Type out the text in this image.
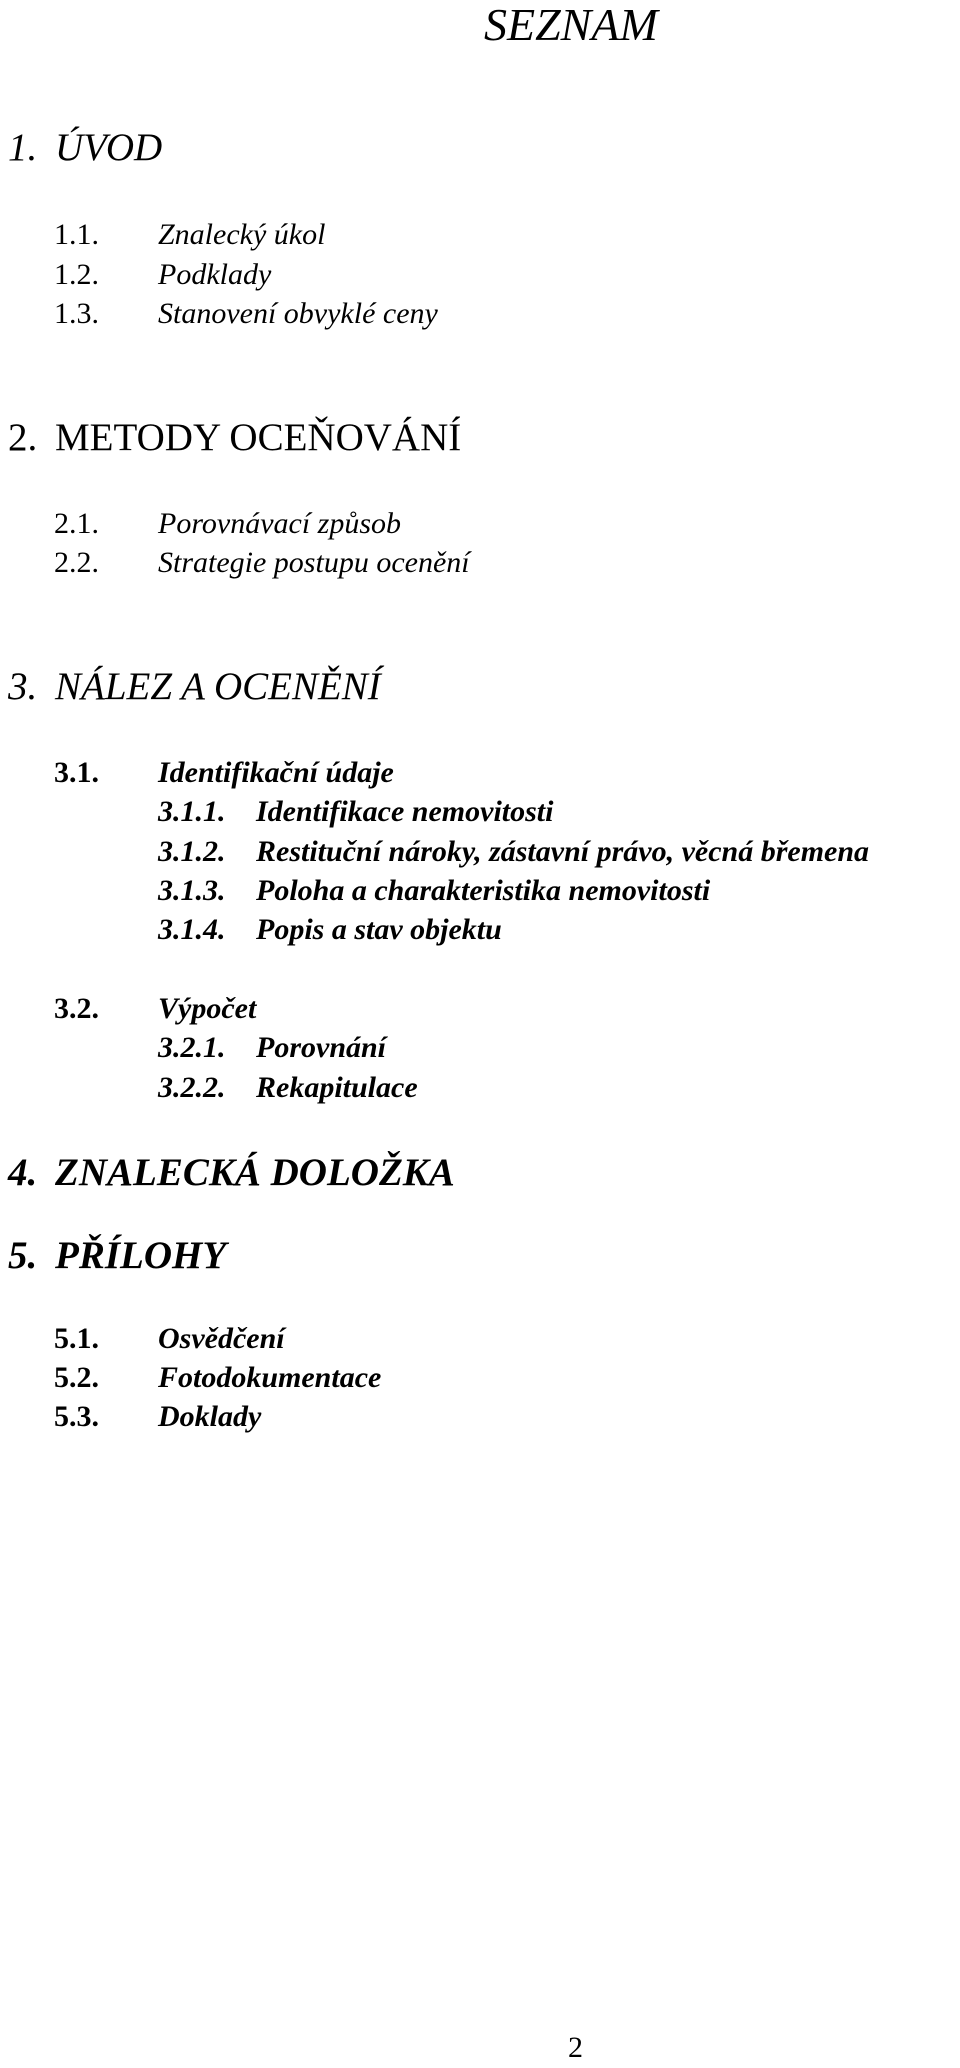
SEZNAM
1. ÚVOD
1.1. Znalecký úkol
1.2. Podklady
1.3. Stanovení obvyklé ceny
2. METODY OCEŇOVÁNÍ
2.1. Porovnávací způsob
2.2. Strategie postupu ocenění
3. NÁLEZ A OCENĚNÍ
3.1. Identifikační údaje
3.1.1. Identifikace nemovitosti
3.1.2. Restituční nároky, zástavní právo, věcná břemena
3.1.3. Poloha a charakteristika nemovitosti
3.1.4. Popis a stav objektu
3.2. Výpočet
3.2.1. Porovnání
3.2.2. Rekapitulace
4. ZNALECKÁ DOLOŽKA
5. PŘÍLOHY
5.1. Osvědčení
5.2. Fotodokumentace
5.3. Doklady
2
